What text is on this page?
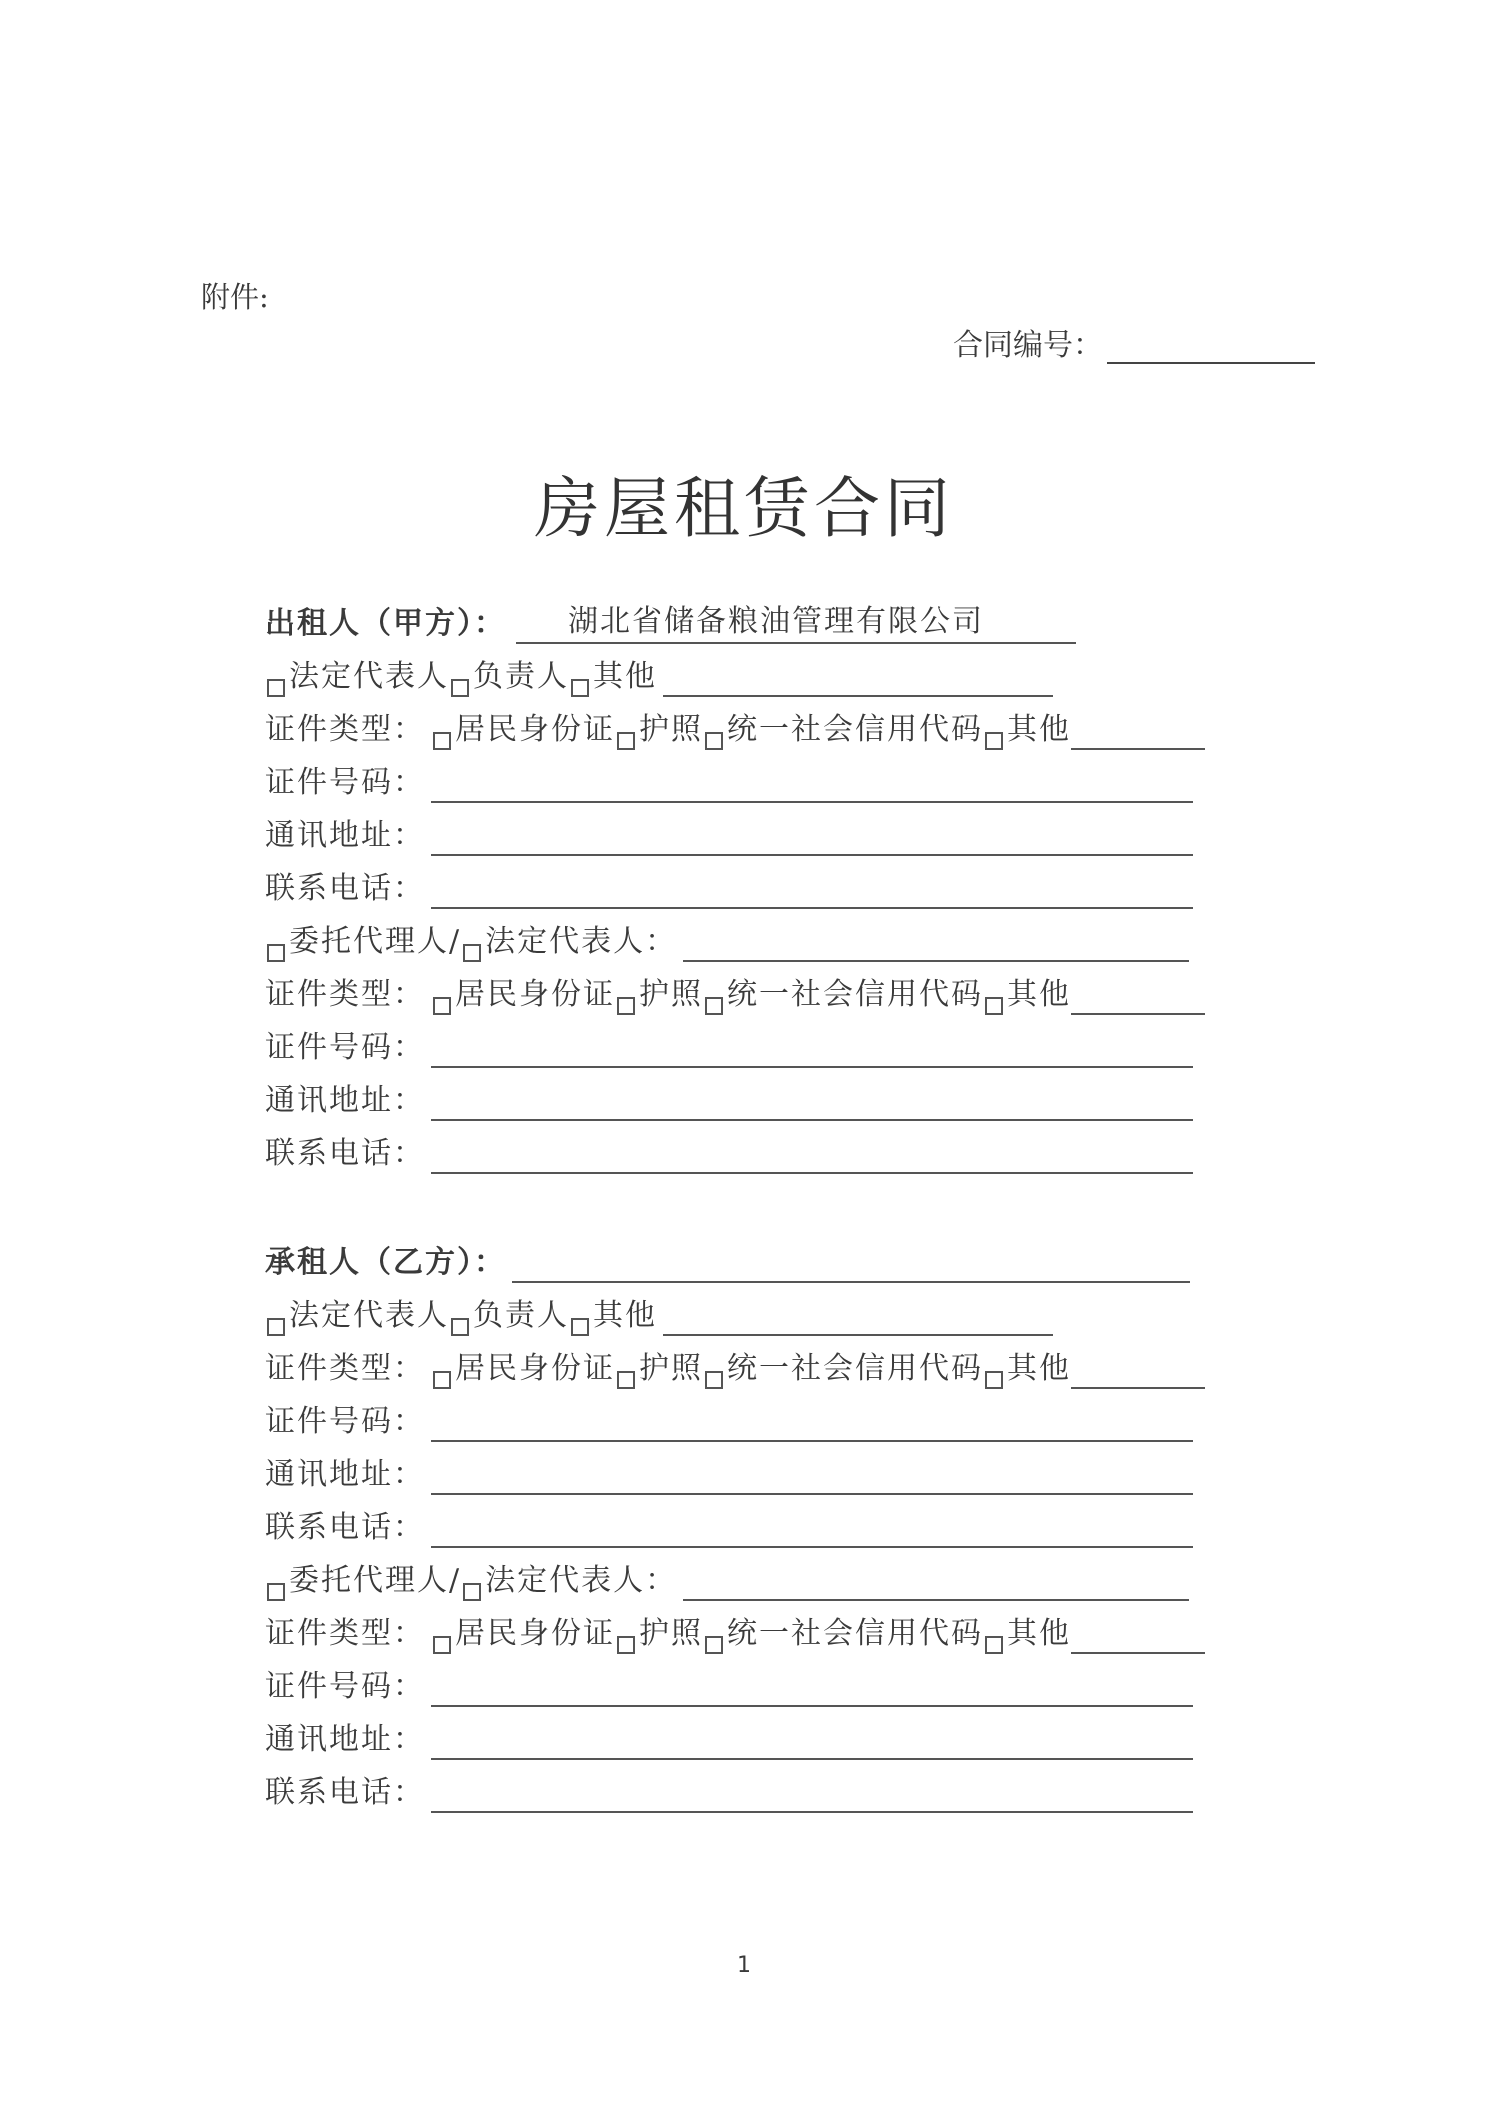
附件:
合同编号：
房屋租赁合同
出租人（甲方）：	湖北省储备粮油管理有限公司
法定代表人 负责人 其他
证件类型： 居民身份证 护照 统一社会信用代码 其他
证件号码：
通讯地址：
联系电话：
委托代理人/ 法定代表人：
证件类型： 居民身份证 护照 统一社会信用代码 其他
证件号码：
通讯地址：
联系电话：
承租人（乙方）：
法定代表人 负责人 其他
证件类型： 居民身份证 护照 统一社会信用代码 其他
证件号码：
通讯地址：
联系电话：
委托代理人/ 法定代表人：
证件类型： 居民身份证 护照 统一社会信用代码 其他
证件号码：
通讯地址：
联系电话：
1
